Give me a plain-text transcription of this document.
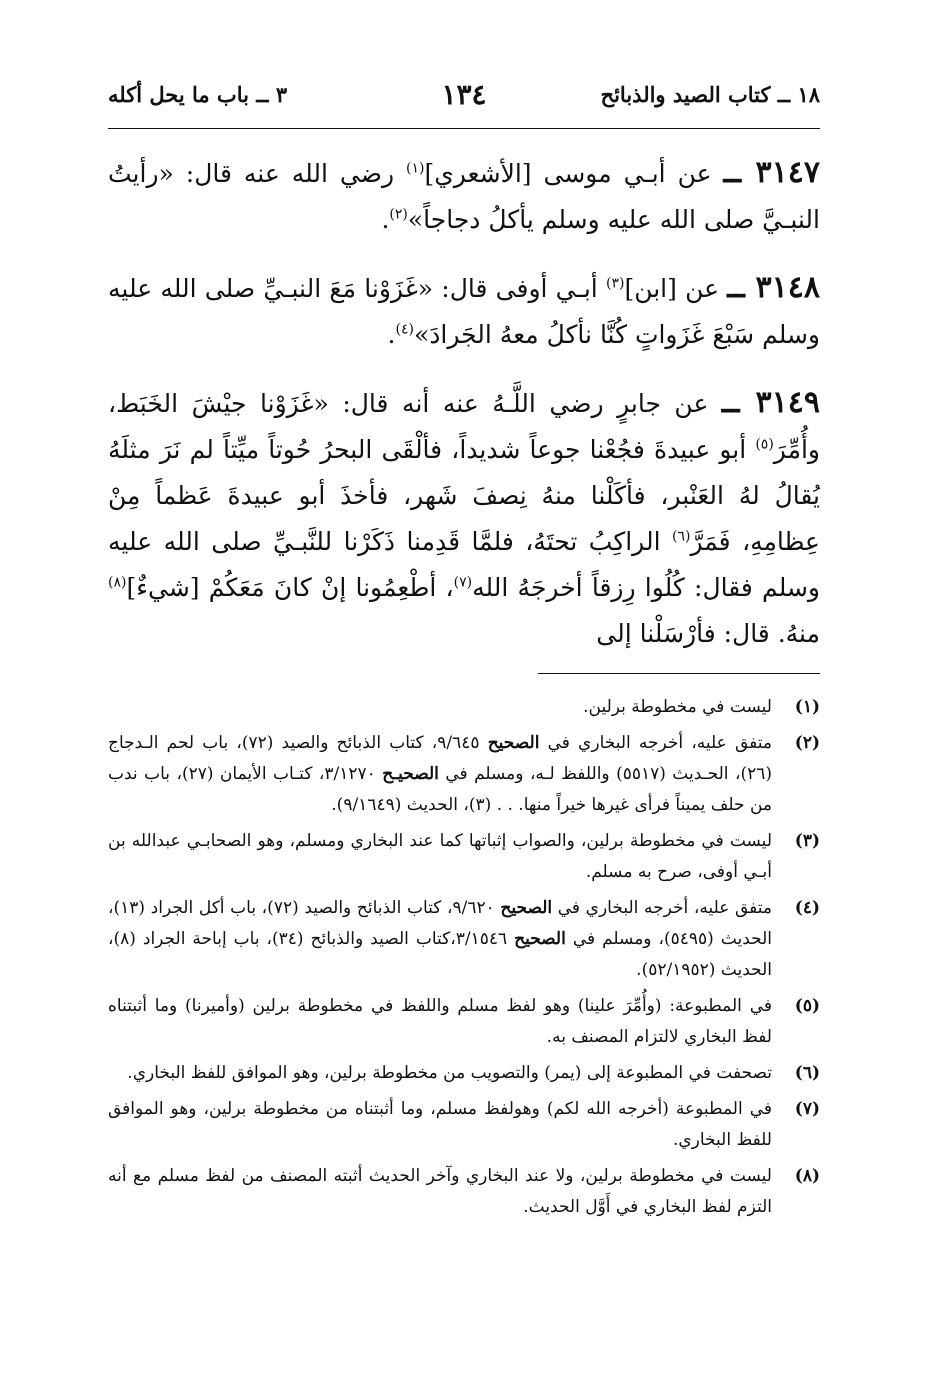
١٨ ــ كتاب الصيد والذبائح
١٣٤
٣ ــ باب ما يحل أكله

٣١٤٧ ــ عن أبـي موسى [الأشعري]$^{(١)}$ رضي الله عنه قال: «رأيتُ النبـيَّ صلى الله عليه وسلم يأكلُ دجاجاً»$^{(٢)}$.

٣١٤٨ ــ عن [ابن]$^{(٣)}$ أبـي أوفى قال: «غَزَوْنا مَعَ النبـيِّ صلى الله عليه وسلم سَبْعَ غَزَواتٍ كُنَّا نأكلُ معهُ الجَرادَ»$^{(٤)}$.

٣١٤٩ ــ عن جابرٍ رضي اللَّـهُ عنه أنه قال: «غَزَوْنا جيْشَ الخَبَط، وأُمِّرَ$^{(٥)}$ أبو عبيدةَ فجُعْنا جوعاً شديداً، فألْقَى البحرُ حُوتاً ميِّتاً لم نَرَ مثلَهُ يُقالُ لهُ العَنْبر، فأكَلْنا منهُ نِصفَ شَهر، فأخذَ أبو عبيدةَ عَظماً مِنْ عِظامِهِ، فَمَرَّ$^{(٦)}$ الراكِبُ تحتَهُ، فلمَّا قَدِمنا ذَكَرْنا للنَّبـيِّ صلى الله عليه وسلم فقال: كُلُوا رِزقاً أخرجَهُ الله$^{(٧)}$، أطْعِمُونا إنْ كانَ مَعَكُمْ [شيءٌ]$^{(٨)}$ منهُ. قال: فأرْسَلْنا إلى

(١)ليست في مخطوطة برلين.

(٢)متفق عليه، أخرجه البخاري في الصحيح ٩/٦٤٥، كتاب الذبائح والصيد (٧٢)، باب لحم الـدجاج (٢٦)، الحـديث (٥٥١٧) واللفظ لـه، ومسلم في الصحيـح ٣/١٢٧٠، كتـاب الأيمان (٢٧)، باب ندب من حلف يميناً فرأى غيرها خيراً منها. . . (٣)، الحديث (٩/١٦٤٩).

(٣)ليست في مخطوطة برلين، والصواب إثباتها كما عند البخاري ومسلم، وهو الصحابـي عبدالله بن أبـي أوفى، صرح به مسلم.

(٤)متفق عليه، أخرجه البخاري في الصحيح ٩/٦٢٠، كتاب الذبائح والصيد (٧٢)، باب أكل الجراد (١٣)، الحديث (٥٤٩٥)، ومسلم في الصحيح ٣/١٥٤٦،كتاب الصيد والذبائح (٣٤)، باب إباحة الجراد (٨)، الحديث (٥٢/١٩٥٢).

(٥)في المطبوعة: (وأُمِّرَ علينا) وهو لفظ مسلم واللفظ في مخطوطة برلين (وأميرنا) وما أثبتناه لفظ البخاري لالتزام المصنف به.

(٦)تصحفت في المطبوعة إلى (يمر) والتصويب من مخطوطة برلين، وهو الموافق للفظ البخاري.

(٧)في المطبوعة (أخرجه الله لكم) وهولفظ مسلم، وما أثبتناه من مخطوطة برلين، وهو الموافق للفظ البخاري.

(٨)ليست في مخطوطة برلين، ولا عند البخاري وآخر الحديث أثبته المصنف من لفظ مسلم مع أنه التزم لفظ البخاري في أَوَّل الحديث.
